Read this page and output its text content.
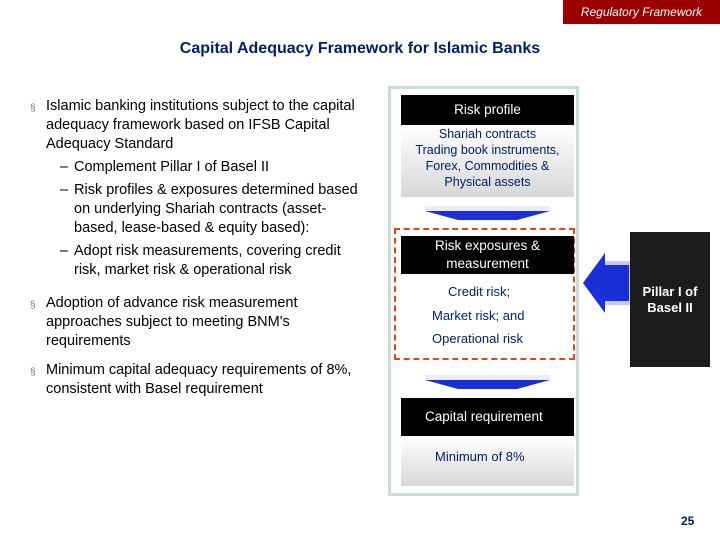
Regulatory Framework
Capital Adequacy Framework for Islamic Banks
§ Islamic banking institutions subject to the capital adequacy framework based on IFSB Capital Adequacy Standard
– Complement Pillar I of Basel II
– Risk profiles & exposures determined based on underlying Shariah contracts (asset-based, lease-based & equity based):
– Adopt risk measurements, covering credit risk, market risk & operational risk
§ Adoption of advance risk measurement approaches subject to meeting BNM's requirements
§ Minimum capital adequacy requirements of 8%, consistent with Basel requirement
Risk profile
Shariah contracts
Trading book instruments,
Forex, Commodities &
Physical assets
Risk exposures &
measurement
Credit risk;
Market risk; and
Operational risk
Capital requirement
Minimum of 8%
Pillar I of
Basel II
25
